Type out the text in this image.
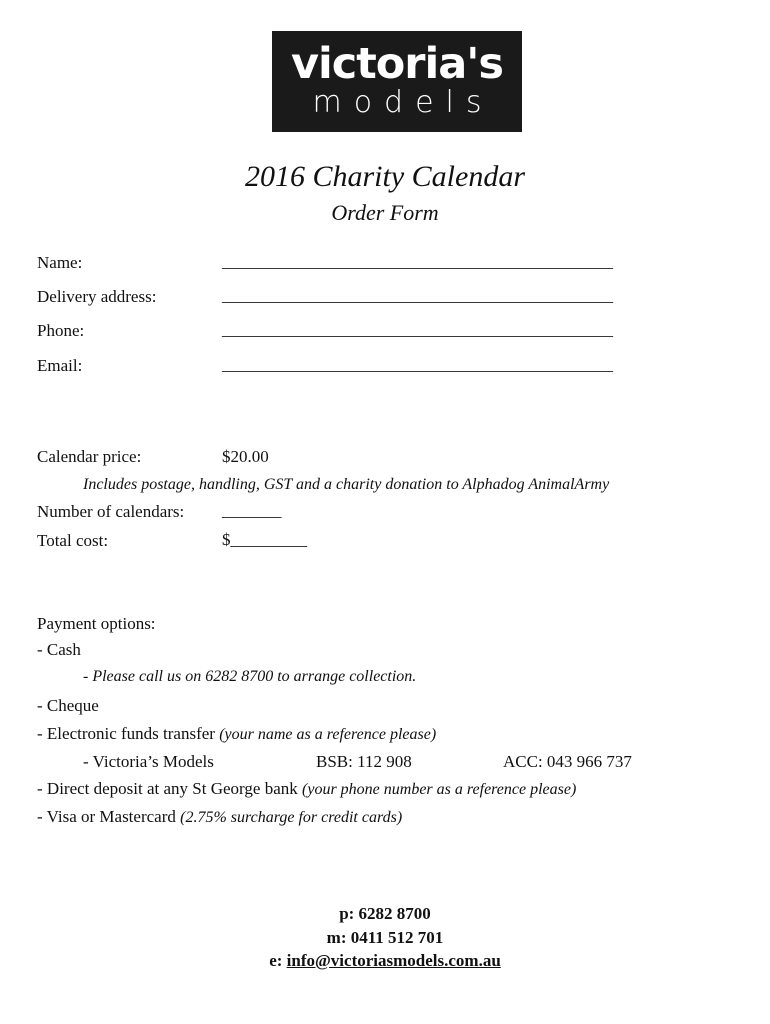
victoria's
models
2016 Charity Calendar
Order Form
Name:	______________________________________________
Delivery address:	______________________________________________
Phone:	______________________________________________
Email:	______________________________________________
Calendar price:	$20.00
Includes postage, handling, GST and a charity donation to Alphadog AnimalArmy
Number of calendars: _______
Total cost:	$_________
Payment options:
- Cash
- Please call us on 6282 8700 to arrange collection.
- Cheque
- Electronic funds transfer (your name as a reference please)
- Victoria’s Models	BSB: 112 908	ACC: 043 966 737
- Direct deposit at any St George bank (your phone number as a reference please)
- Visa or Mastercard (2.75% surcharge for credit cards)
p: 6282 8700
m: 0411 512 701
e: info@victoriasmodels.com.au
